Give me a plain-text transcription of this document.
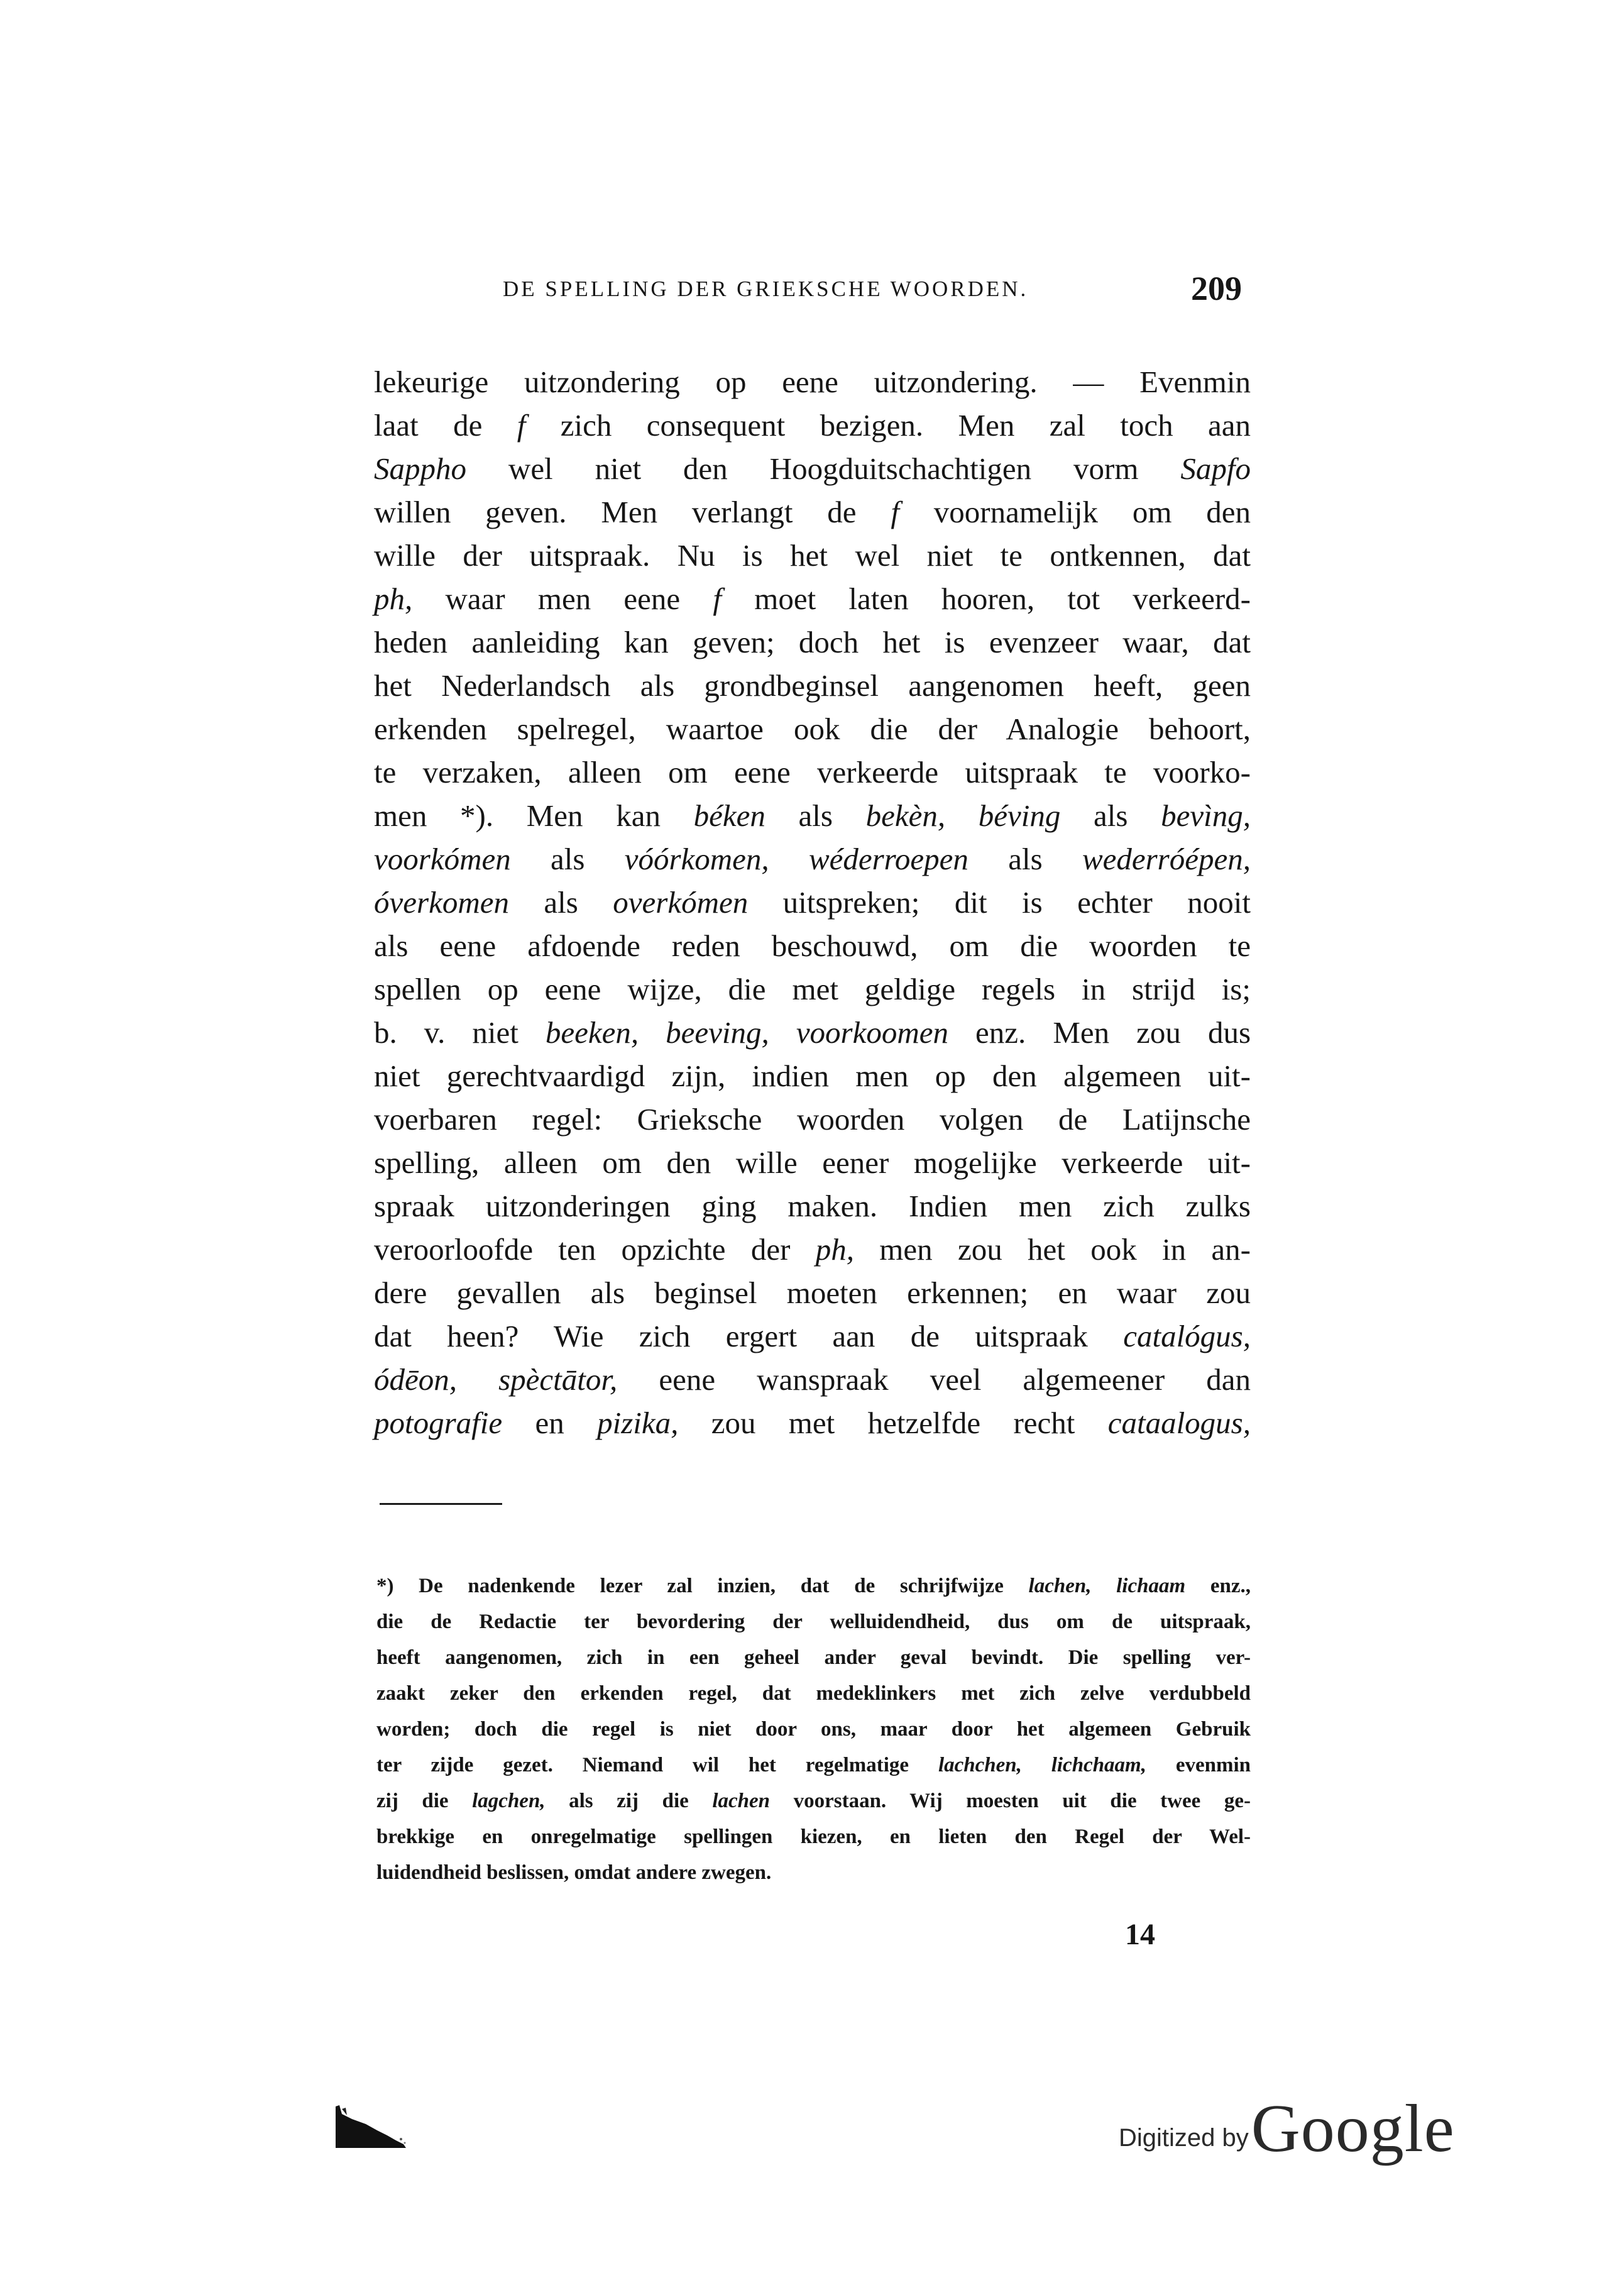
DE SPELLING DER GRIEKSCHE WOORDEN.	209
lekeurige uitzondering op eene uitzondering. — Evenmin
laat de f zich consequent bezigen. Men zal toch aan
Sappho wel niet den Hoogduitschachtigen vorm Sapfo
willen geven. Men verlangt de f voornamelijk om den
wille der uitspraak. Nu is het wel niet te ontkennen, dat
ph, waar men eene f moet laten hooren, tot verkeerd-
heden aanleiding kan geven; doch het is evenzeer waar, dat
het Nederlandsch als grondbeginsel aangenomen heeft, geen
erkenden spelregel, waartoe ook die der Analogie behoort,
te verzaken, alleen om eene verkeerde uitspraak te voorko-
men *). Men kan béken als bekèn, béving als bevìng,
voorkómen als vóórkomen, wéderroepen als wederróépen,
óverkomen als overkómen uitspreken; dit is echter nooit
als eene afdoende reden beschouwd, om die woorden te
spellen op eene wijze, die met geldige regels in strijd is;
b. v. niet beeken, beeving, voorkoomen enz. Men zou dus
niet gerechtvaardigd zijn, indien men op den algemeen uit-
voerbaren regel: Grieksche woorden volgen de Latijnsche
spelling, alleen om den wille eener mogelijke verkeerde uit-
spraak uitzonderingen ging maken. Indien men zich zulks
veroorloofde ten opzichte der ph, men zou het ook in an-
dere gevallen als beginsel moeten erkennen; en waar zou
dat heen? Wie zich ergert aan de uitspraak catalógus,
ódēon, spèctātor, eene wanspraak veel algemeener dan
potografie en pizika, zou met hetzelfde recht cataalogus,
*) De nadenkende lezer zal inzien, dat de schrijfwijze lachen, lichaam enz.,
die de Redactie ter bevordering der welluidendheid, dus om de uitspraak,
heeft aangenomen, zich in een geheel ander geval bevindt. Die spelling ver-
zaakt zeker den erkenden regel, dat medeklinkers met zich zelve verdubbeld
worden; doch die regel is niet door ons, maar door het algemeen Gebruik
ter zijde gezet. Niemand wil het regelmatige lachchen, lichchaam, evenmin
zij die lagchen, als zij die lachen voorstaan. Wij moesten uit die twee ge-
brekkige en onregelmatige spellingen kiezen, en lieten den Regel der Wel-
luidendheid beslissen, omdat andere zwegen.
14
Digitized by Google
